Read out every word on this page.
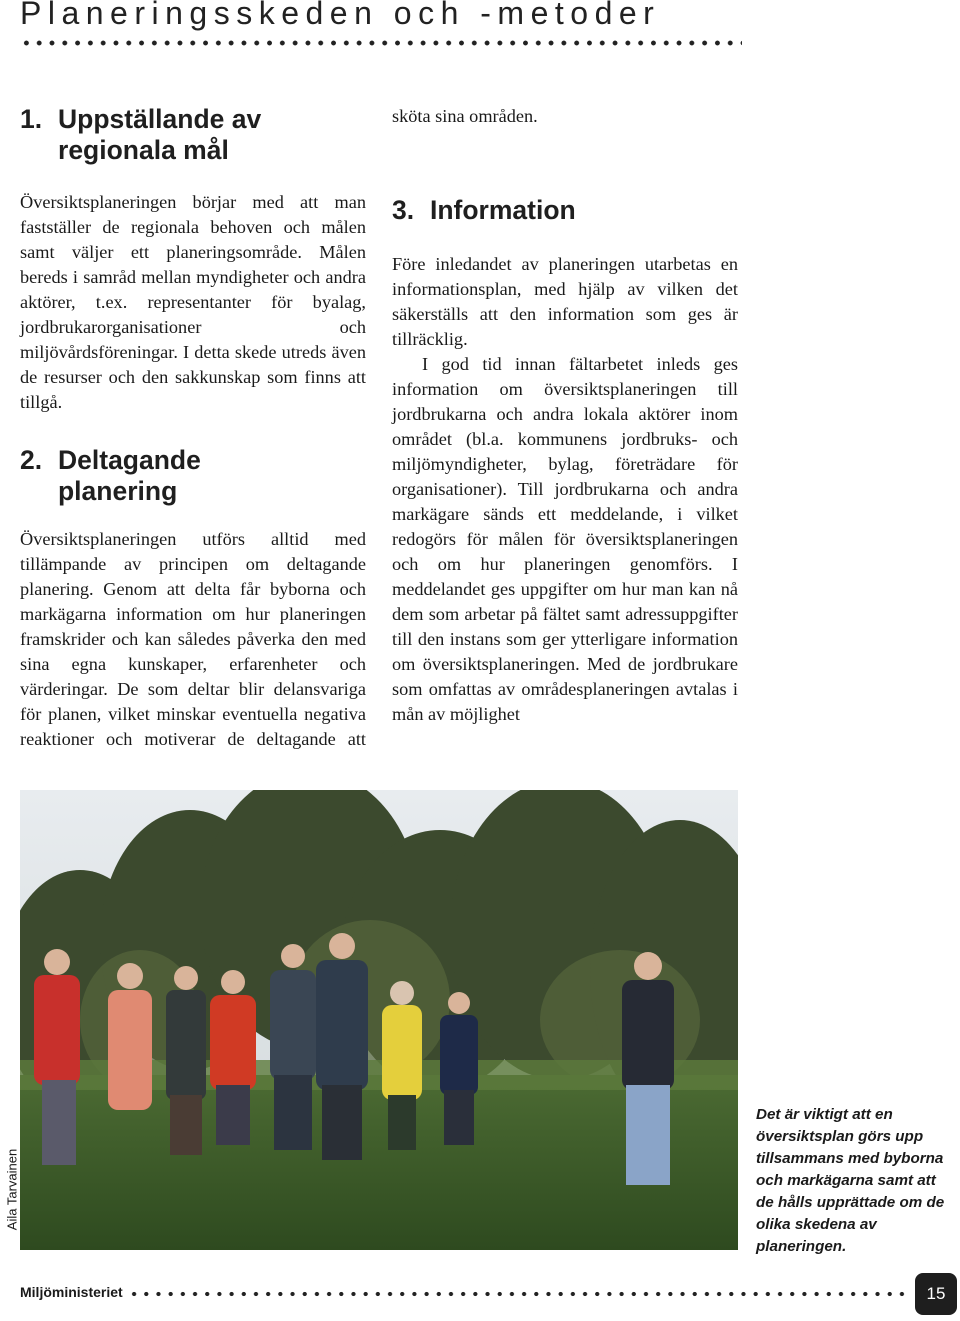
Planeringsskeden och -metoder
1. Uppställande av
regionala mål

Översiktsplaneringen börjar med att man fastställer de regionala behoven och målen samt väljer ett planeringsområde. Målen bereds i samråd mellan myndigheter och andra aktörer, t.ex. representanter för byalag, jordbrukarorganisationer och miljövårdsföreningar. I detta skede utreds även de resurser och den sakkunskap som finns att tillgå.

2. Deltagande
planering

Översiktsplaneringen utförs alltid med tillämpande av principen om deltagande planering. Genom att delta får byborna och markägarna information om hur planeringen framskrider och kan således påverka den med sina egna kunskaper, erfarenheter och värderingar. De som deltar blir delansvariga för planen, vilket minskar eventuella negativa reaktioner och motiverar de deltagande att

sköta sina områden.

3. Information

Före inledandet av planeringen utarbetas en informationsplan, med hjälp av vilken det säkerställs att den information som ges är tillräcklig.

I god tid innan fältarbetet inleds ges information om översiktsplaneringen till jordbrukarna och andra lokala aktörer inom området (bl.a. kommunens jordbruks- och miljömyndigheter, bylag, företrädare för organisationer). Till jordbrukarna och andra markägare sänds ett meddelande, i vilket redogörs för målen för översiktsplaneringen och om hur planeringen genomförs. I meddelandet ges uppgifter om hur man kan nå dem som arbetar på fältet samt adressuppgifter till den instans som ger ytterligare information om översiktsplaneringen. Med de jordbrukare som omfattas av områdesplaneringen avtalas i mån av möjlighet

Aila Tarvainen
Det är viktigt att en översiktsplan görs upp tillsammans med byborna och markägarna samt att de hålls upprättade om de olika skedena av planeringen.
Miljöministeriet	15
